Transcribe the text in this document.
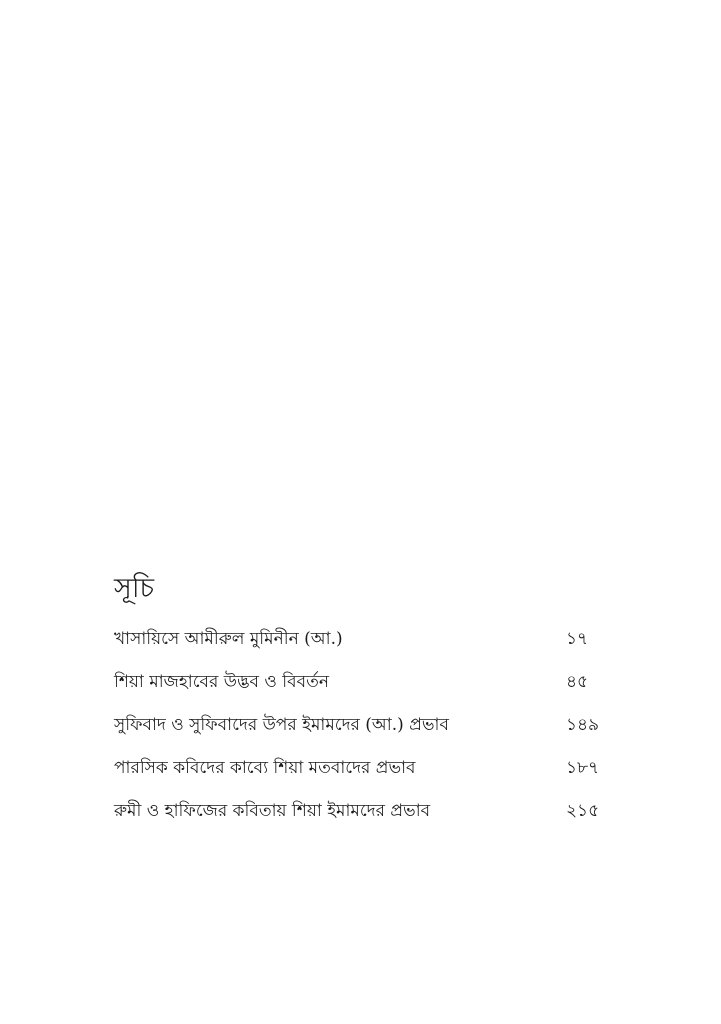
সূচি
খাসায়িসে আমীরুল মুমিনীন (আ.)	১৭
শিয়া মাজহাবের উদ্ভব ও বিবর্তন	৪৫
সুফিবাদ ও সুফিবাদের উপর ইমামদের (আ.) প্রভাব	১৪৯
পারসিক কবিদের কাব্যে শিয়া মতবাদের প্রভাব	১৮৭
রুমী ও হাফিজের কবিতায় শিয়া ইমামদের প্রভাব	২১৫
